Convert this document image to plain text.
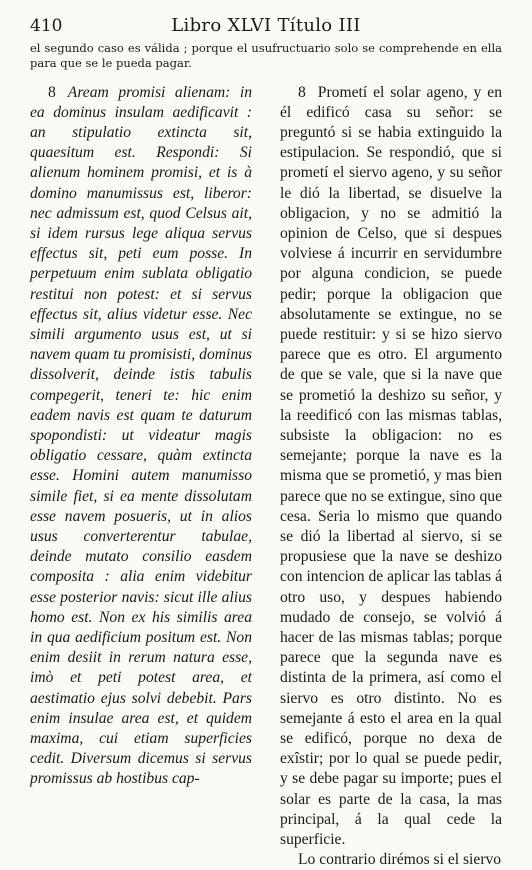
410	Libro XLVI Título III

el segundo caso es válida ; porque el usufructuario solo se comprehende en ella para que se le pueda pagar.

8 Aream promisi alienam: in ea dominus insulam aedificavit : an stipulatio extincta sit, quaesitum est. Respondi: Si alienum hominem promisi, et is à domino manumissus est, liberor: nec admissum est, quod Celsus ait, si idem rursus lege aliqua servus effectus sit, peti eum posse. In perpetuum enim sublata obligatio restitui non potest: et si servus effectus sit, alius videtur esse. Nec simili argumento usus est, ut si navem quam tu promisisti, dominus dissolverit, deinde istis tabulis compegerit, teneri te: hic enim eadem navis est quam te daturum spopondisti: ut videatur magis obligatio cessare, quàm extincta esse. Homini autem manumisso simile fiet, si ea mente dissolutam esse navem posueris, ut in alios usus converterentur tabulae, deinde mutato consilio easdem composita : alia enim videbitur esse posterior navis: sicut ille alius homo est. Non ex his similis area in qua aedificium positum est. Non enim desiit in rerum natura esse, imò et peti potest area, et aestimatio ejus solvi debebit. Pars enim insulae area est, et quidem maxima, cui etiam superficies cedit. Diversum dicemus si servus promissus ab hostibus cap-

8 Prometí el solar ageno, y en él edificó casa su señor: se preguntó si se habia extinguido la estipulacion. Se respondió, que si prometí el siervo ageno, y su señor le dió la libertad, se disuelve la obligacion, y no se admitió la opinion de Celso, que si despues volviese á incurrir en servidumbre por alguna condicion, se puede pedir; porque la obligacion que absolutamente se extingue, no se puede restituir: y si se hizo siervo parece que es otro. El argumento de que se vale, que si la nave que se prometió la deshizo su señor, y la reedificó con las mismas tablas, subsiste la obligacion: no es semejante; porque la nave es la misma que se prometió, y mas bien parece que no se extingue, sino que cesa. Seria lo mismo que quando se dió la libertad al siervo, si se propusiese que la nave se deshizo con intencion de aplicar las tablas á otro uso, y despues habiendo mudado de consejo, se volvió á hacer de las mismas tablas; porque parece que la segunda nave es distinta de la primera, así como el siervo es otro distinto. No es semejante á esto el area en la qual se edificó, porque no dexa de exîstir; por lo qual se puede pedir, y se debe pagar su importe; pues el solar es parte de la casa, la mas principal, á la qual cede la superficie.

Lo contrario dirémos si el siervo
